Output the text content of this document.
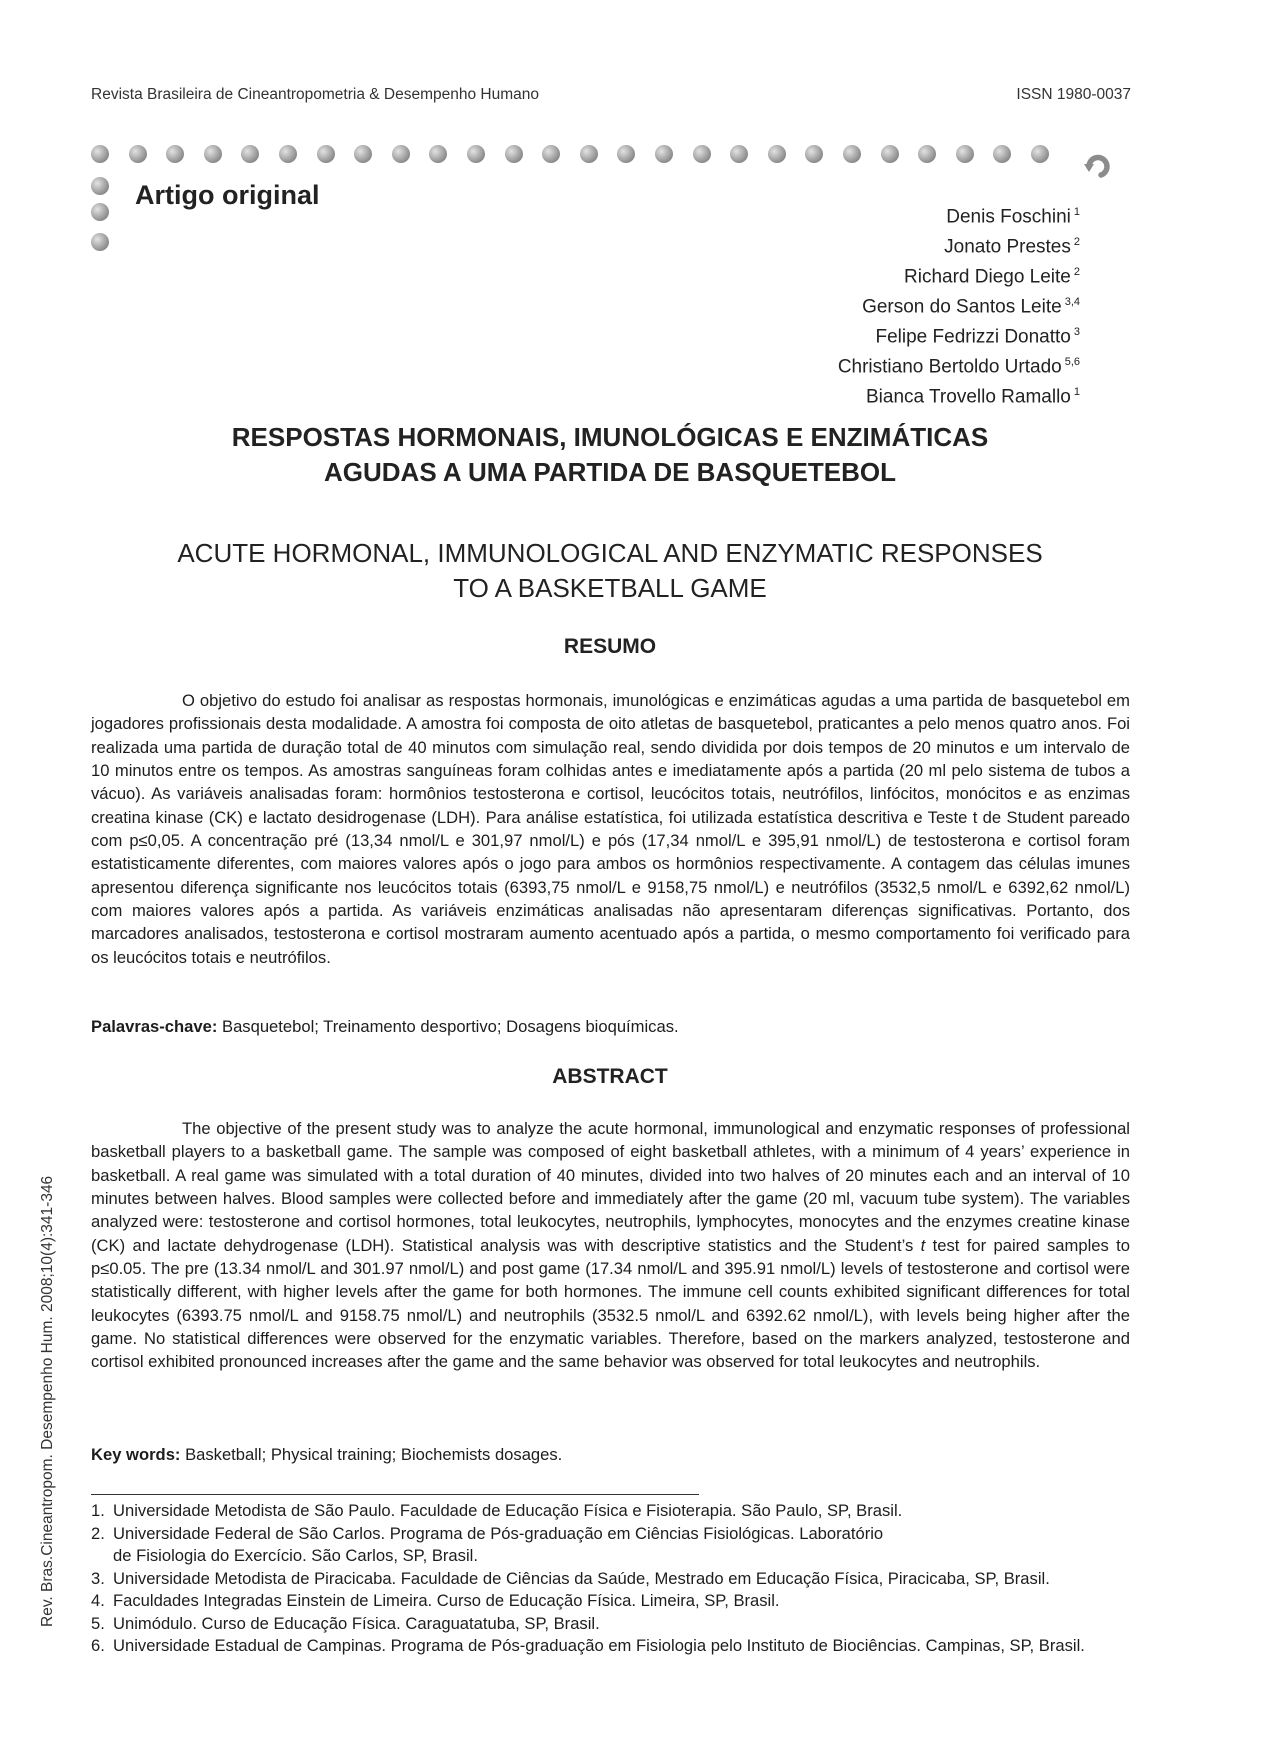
Revista Brasileira de Cineantropometria & Desempenho Humano	ISSN 1980-0037
Artigo original
Denis Foschini $^1$
Jonato Prestes $^2$
Richard Diego Leite $^2$
Gerson do Santos Leite $^{3,4}$
Felipe Fedrizzi Donatto $^3$
Christiano Bertoldo Urtado $^{5,6}$
Bianca Trovello Ramallo $^1$
RESPOSTAS HORMONAIS, IMUNOLÓGICAS E ENZIMÁTICAS
AGUDAS A UMA PARTIDA DE BASQUETEBOL
ACUTE HORMONAL, IMMUNOLOGICAL AND ENZYMATIC RESPONSES
TO A BASKETBALL GAME
RESUMO

O objetivo do estudo foi analisar as respostas hormonais, imunológicas e enzimáticas agudas a uma partida de basquetebol em jogadores profissionais desta modalidade. A amostra foi composta de oito atletas de basquetebol, praticantes a pelo menos quatro anos. Foi realizada uma partida de duração total de 40 minutos com simulação real, sendo dividida por dois tempos de 20 minutos e um intervalo de 10 minutos entre os tempos. As amostras sanguíneas foram colhidas antes e imediatamente após a partida (20 ml pelo sistema de tubos a vácuo). As variáveis analisadas foram: hormônios testosterona e cortisol, leucócitos totais, neutrófilos, linfócitos, monócitos e as enzimas creatina kinase (CK) e lactato desidrogenase (LDH). Para análise estatística, foi utilizada estatística descritiva e Teste t de Student pareado com p≤0,05. A concentração pré (13,34 nmol/L e 301,97 nmol/L) e pós (17,34 nmol/L e 395,91 nmol/L) de testosterona e cortisol foram estatisticamente diferentes, com maiores valores após o jogo para ambos os hormônios respectivamente. A contagem das células imunes apresentou diferença significante nos leucócitos totais (6393,75 nmol/L e 9158,75 nmol/L) e neutrófilos (3532,5 nmol/L e 6392,62 nmol/L) com maiores valores após a partida. As variáveis enzimáticas analisadas não apresentaram diferenças significativas. Portanto, dos marcadores analisados, testosterona e cortisol mostraram aumento acentuado após a partida, o mesmo comportamento foi verificado para os leucócitos totais e neutrófilos.

Palavras-chave: Basquetebol; Treinamento desportivo; Dosagens bioquímicas.
ABSTRACT

The objective of the present study was to analyze the acute hormonal, immunological and enzymatic responses of professional basketball players to a basketball game. The sample was composed of eight basketball athletes, with a minimum of 4 years’ experience in basketball. A real game was simulated with a total duration of 40 minutes, divided into two halves of 20 minutes each and an interval of 10 minutes between halves. Blood samples were collected before and immediately after the game (20 ml, vacuum tube system). The variables analyzed were: testosterone and cortisol hormones, total leukocytes, neutrophils, lymphocytes, monocytes and the enzymes creatine kinase (CK) and lactate dehydrogenase (LDH). Statistical analysis was with descriptive statistics and the Student’s t test for paired samples to p≤0.05. The pre (13.34 nmol/L and 301.97 nmol/L) and post game (17.34 nmol/L and 395.91 nmol/L) levels of testosterone and cortisol were statistically different, with higher levels after the game for both hormones. The immune cell counts exhibited significant differences for total leukocytes (6393.75 nmol/L and 9158.75 nmol/L) and neutrophils (3532.5 nmol/L and 6392.62 nmol/L), with levels being higher after the game. No statistical differences were observed for the enzymatic variables. Therefore, based on the markers analyzed, testosterone and cortisol exhibited pronounced increases after the game and the same behavior was observed for total leukocytes and neutrophils.

Key words: Basketball; Physical training; Biochemists dosages.
1. Universidade Metodista de São Paulo. Faculdade de Educação Física e Fisioterapia. São Paulo, SP, Brasil.
2. Universidade Federal de São Carlos. Programa de Pós-graduação em Ciências Fisiológicas. Laboratório de Fisiologia do Exercício. São Carlos, SP, Brasil.
3. Universidade Metodista de Piracicaba. Faculdade de Ciências da Saúde, Mestrado em Educação Física, Piracicaba, SP, Brasil.
4. Faculdades Integradas Einstein de Limeira. Curso de Educação Física. Limeira, SP, Brasil.
5. Unimódulo. Curso de Educação Física. Caraguatatuba, SP, Brasil.
6. Universidade Estadual de Campinas. Programa de Pós-graduação em Fisiologia pelo Instituto de Biociências. Campinas, SP, Brasil.
Rev. Bras.Cineantropom. Desempenho Hum. 2008;10(4):341-346
